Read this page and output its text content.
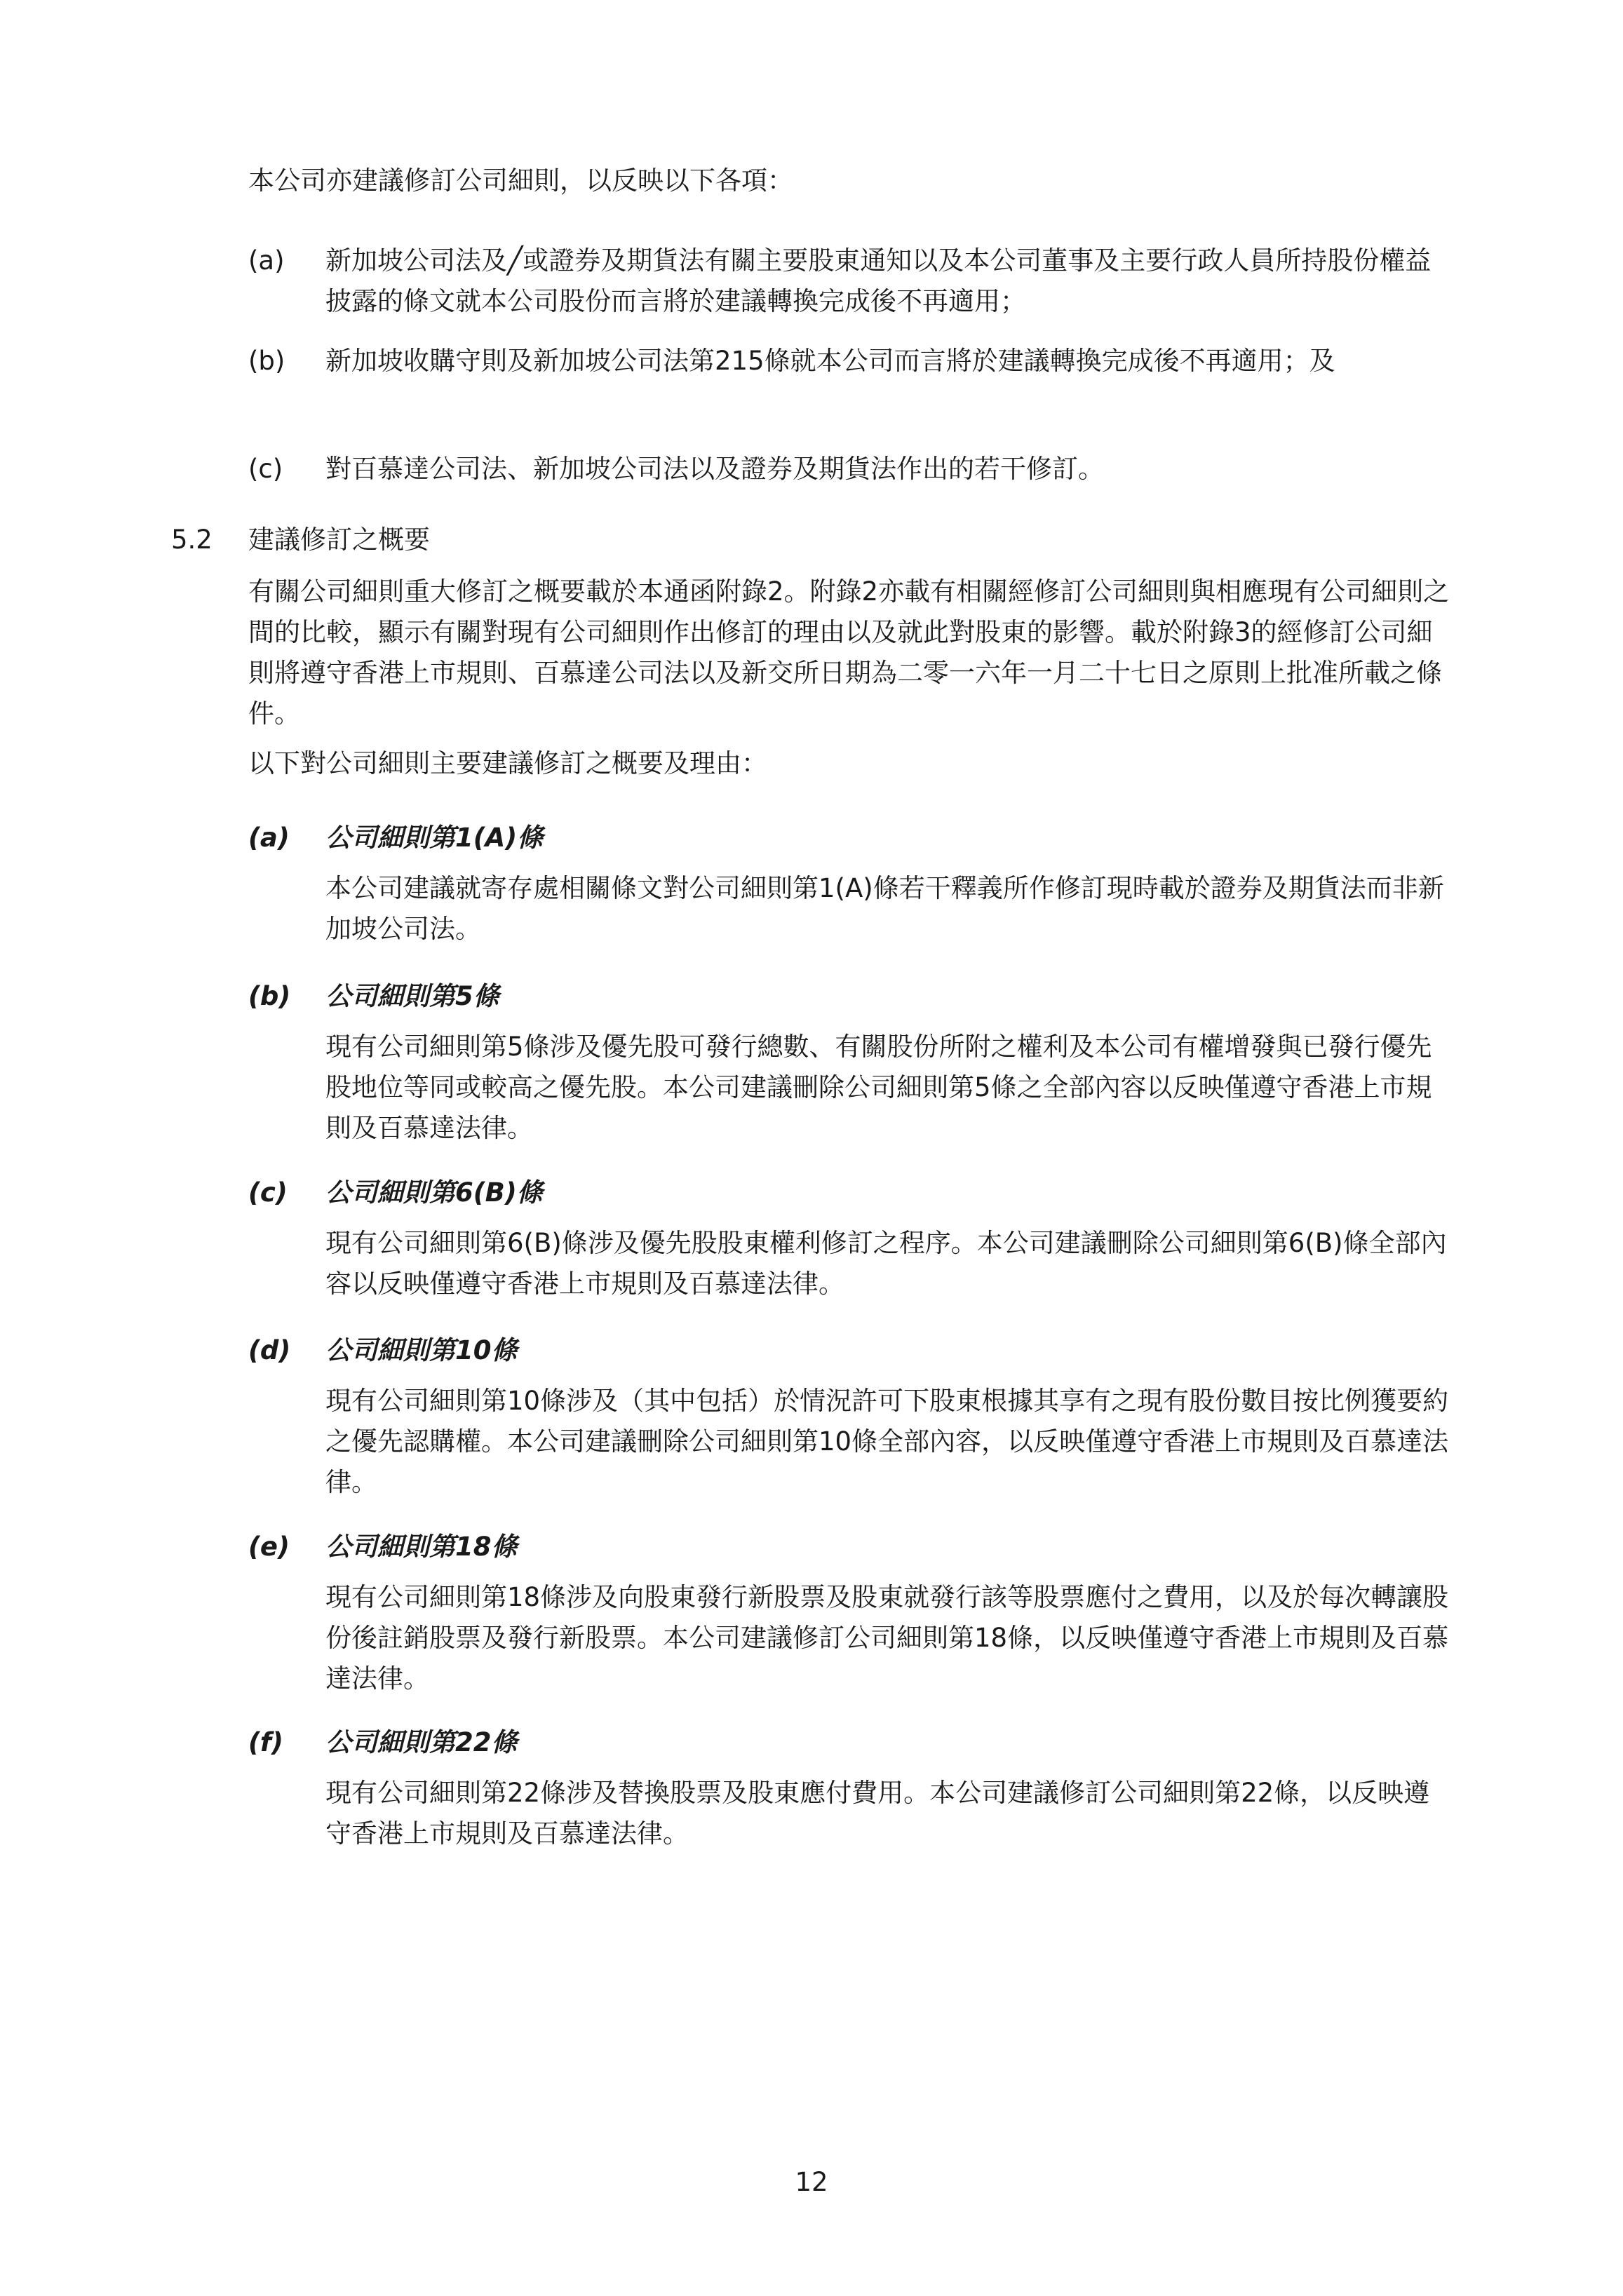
本公司亦建議修訂公司細則，以反映以下各項：

(a)	新加坡公司法及╱或證券及期貨法有關主要股東通知以及本公司董事及主要行政人員所持股份權益披露的條文就本公司股份而言將於建議轉換完成後不再適用；
(b)	新加坡收購守則及新加坡公司法第215條就本公司而言將於建議轉換完成後不再適用；及
(c)	對百慕達公司法、新加坡公司法以及證券及期貨法作出的若干修訂。
5.2 建議修訂之概要

有關公司細則重大修訂之概要載於本通函附錄2。附錄2亦載有相關經修訂公司細則與相應現有公司細則之間的比較，顯示有關對現有公司細則作出修訂的理由以及就此對股東的影響。載於附錄3的經修訂公司細則將遵守香港上市規則、百慕達公司法以及新交所日期為二零一六年一月二十七日之原則上批准所載之條件。

以下對公司細則主要建議修訂之概要及理由：

(a)	公司細則第1(A)條

本公司建議就寄存處相關條文對公司細則第1(A)條若干釋義所作修訂現時載於證券及期貨法而非新加坡公司法。

(b)	公司細則第5條

現有公司細則第5條涉及優先股可發行總數、有關股份所附之權利及本公司有權增發與已發行優先股地位等同或較高之優先股。本公司建議刪除公司細則第5條之全部內容以反映僅遵守香港上市規則及百慕達法律。

(c)	公司細則第6(B)條

現有公司細則第6(B)條涉及優先股股東權利修訂之程序。本公司建議刪除公司細則第6(B)條全部內容以反映僅遵守香港上市規則及百慕達法律。

(d)	公司細則第10條

現有公司細則第10條涉及（其中包括）於情況許可下股東根據其享有之現有股份數目按比例獲要約之優先認購權。本公司建議刪除公司細則第10條全部內容，以反映僅遵守香港上市規則及百慕達法律。

(e)	公司細則第18條

現有公司細則第18條涉及向股東發行新股票及股東就發行該等股票應付之費用，以及於每次轉讓股份後註銷股票及發行新股票。本公司建議修訂公司細則第18條，以反映僅遵守香港上市規則及百慕達法律。

(f)	公司細則第22條

現有公司細則第22條涉及替換股票及股東應付費用。本公司建議修訂公司細則第22條，以反映遵守香港上市規則及百慕達法律。

12
